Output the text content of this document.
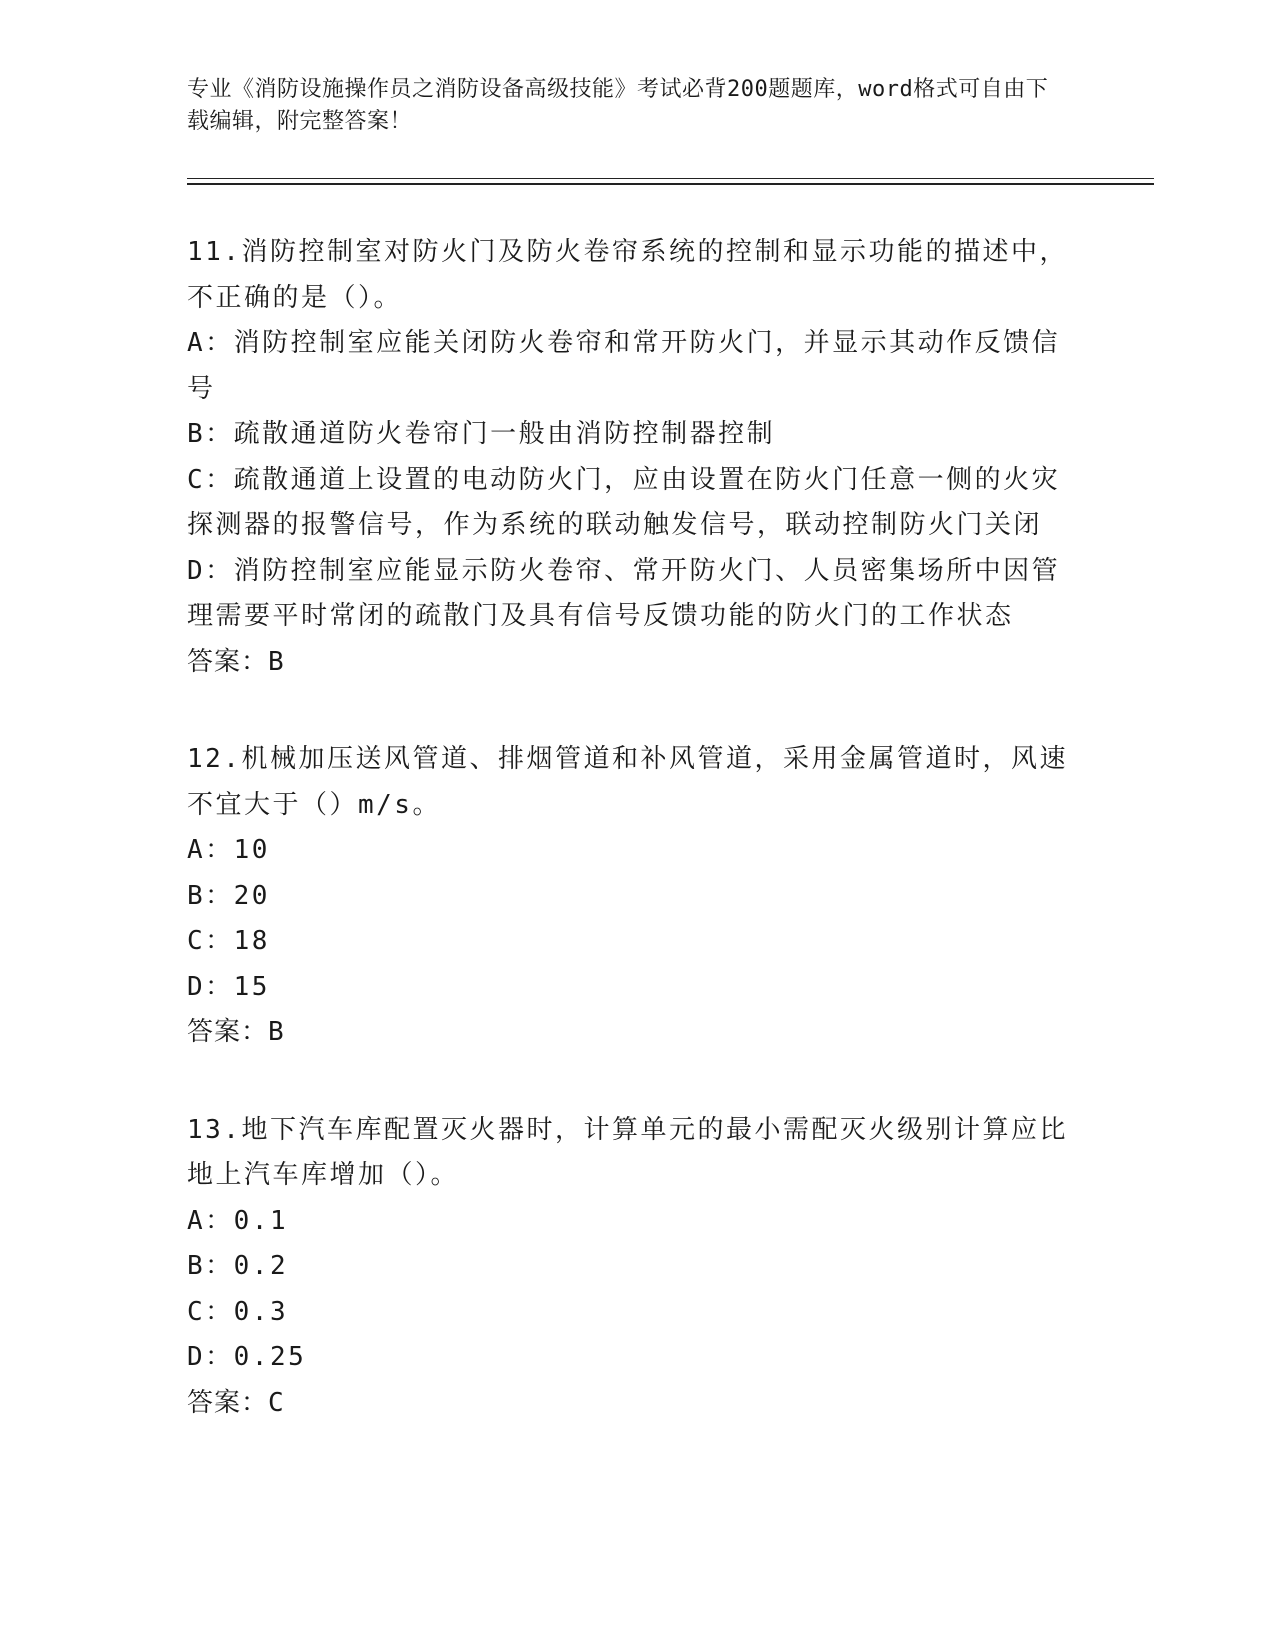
专业《消防设施操作员之消防设备高级技能》考试必背200题题库，word格式可自由下载编辑，附完整答案！
11.消防控制室对防火门及防火卷帘系统的控制和显示功能的描述中，不正确的是（）。
A：消防控制室应能关闭防火卷帘和常开防火门，并显示其动作反馈信号
B：疏散通道防火卷帘门一般由消防控制器控制
C：疏散通道上设置的电动防火门，应由设置在防火门任意一侧的火灾探测器的报警信号，作为系统的联动触发信号，联动控制防火门关闭
D：消防控制室应能显示防火卷帘、常开防火门、人员密集场所中因管理需要平时常闭的疏散门及具有信号反馈功能的防火门的工作状态
答案：B
12.机械加压送风管道、排烟管道和补风管道，采用金属管道时，风速不宜大于（）m/s。
A：10
B：20
C：18
D：15
答案：B
13.地下汽车库配置灭火器时，计算单元的最小需配灭火级别计算应比地上汽车库增加（）。
A：0.1
B：0.2
C：0.3
D：0.25
答案：C
